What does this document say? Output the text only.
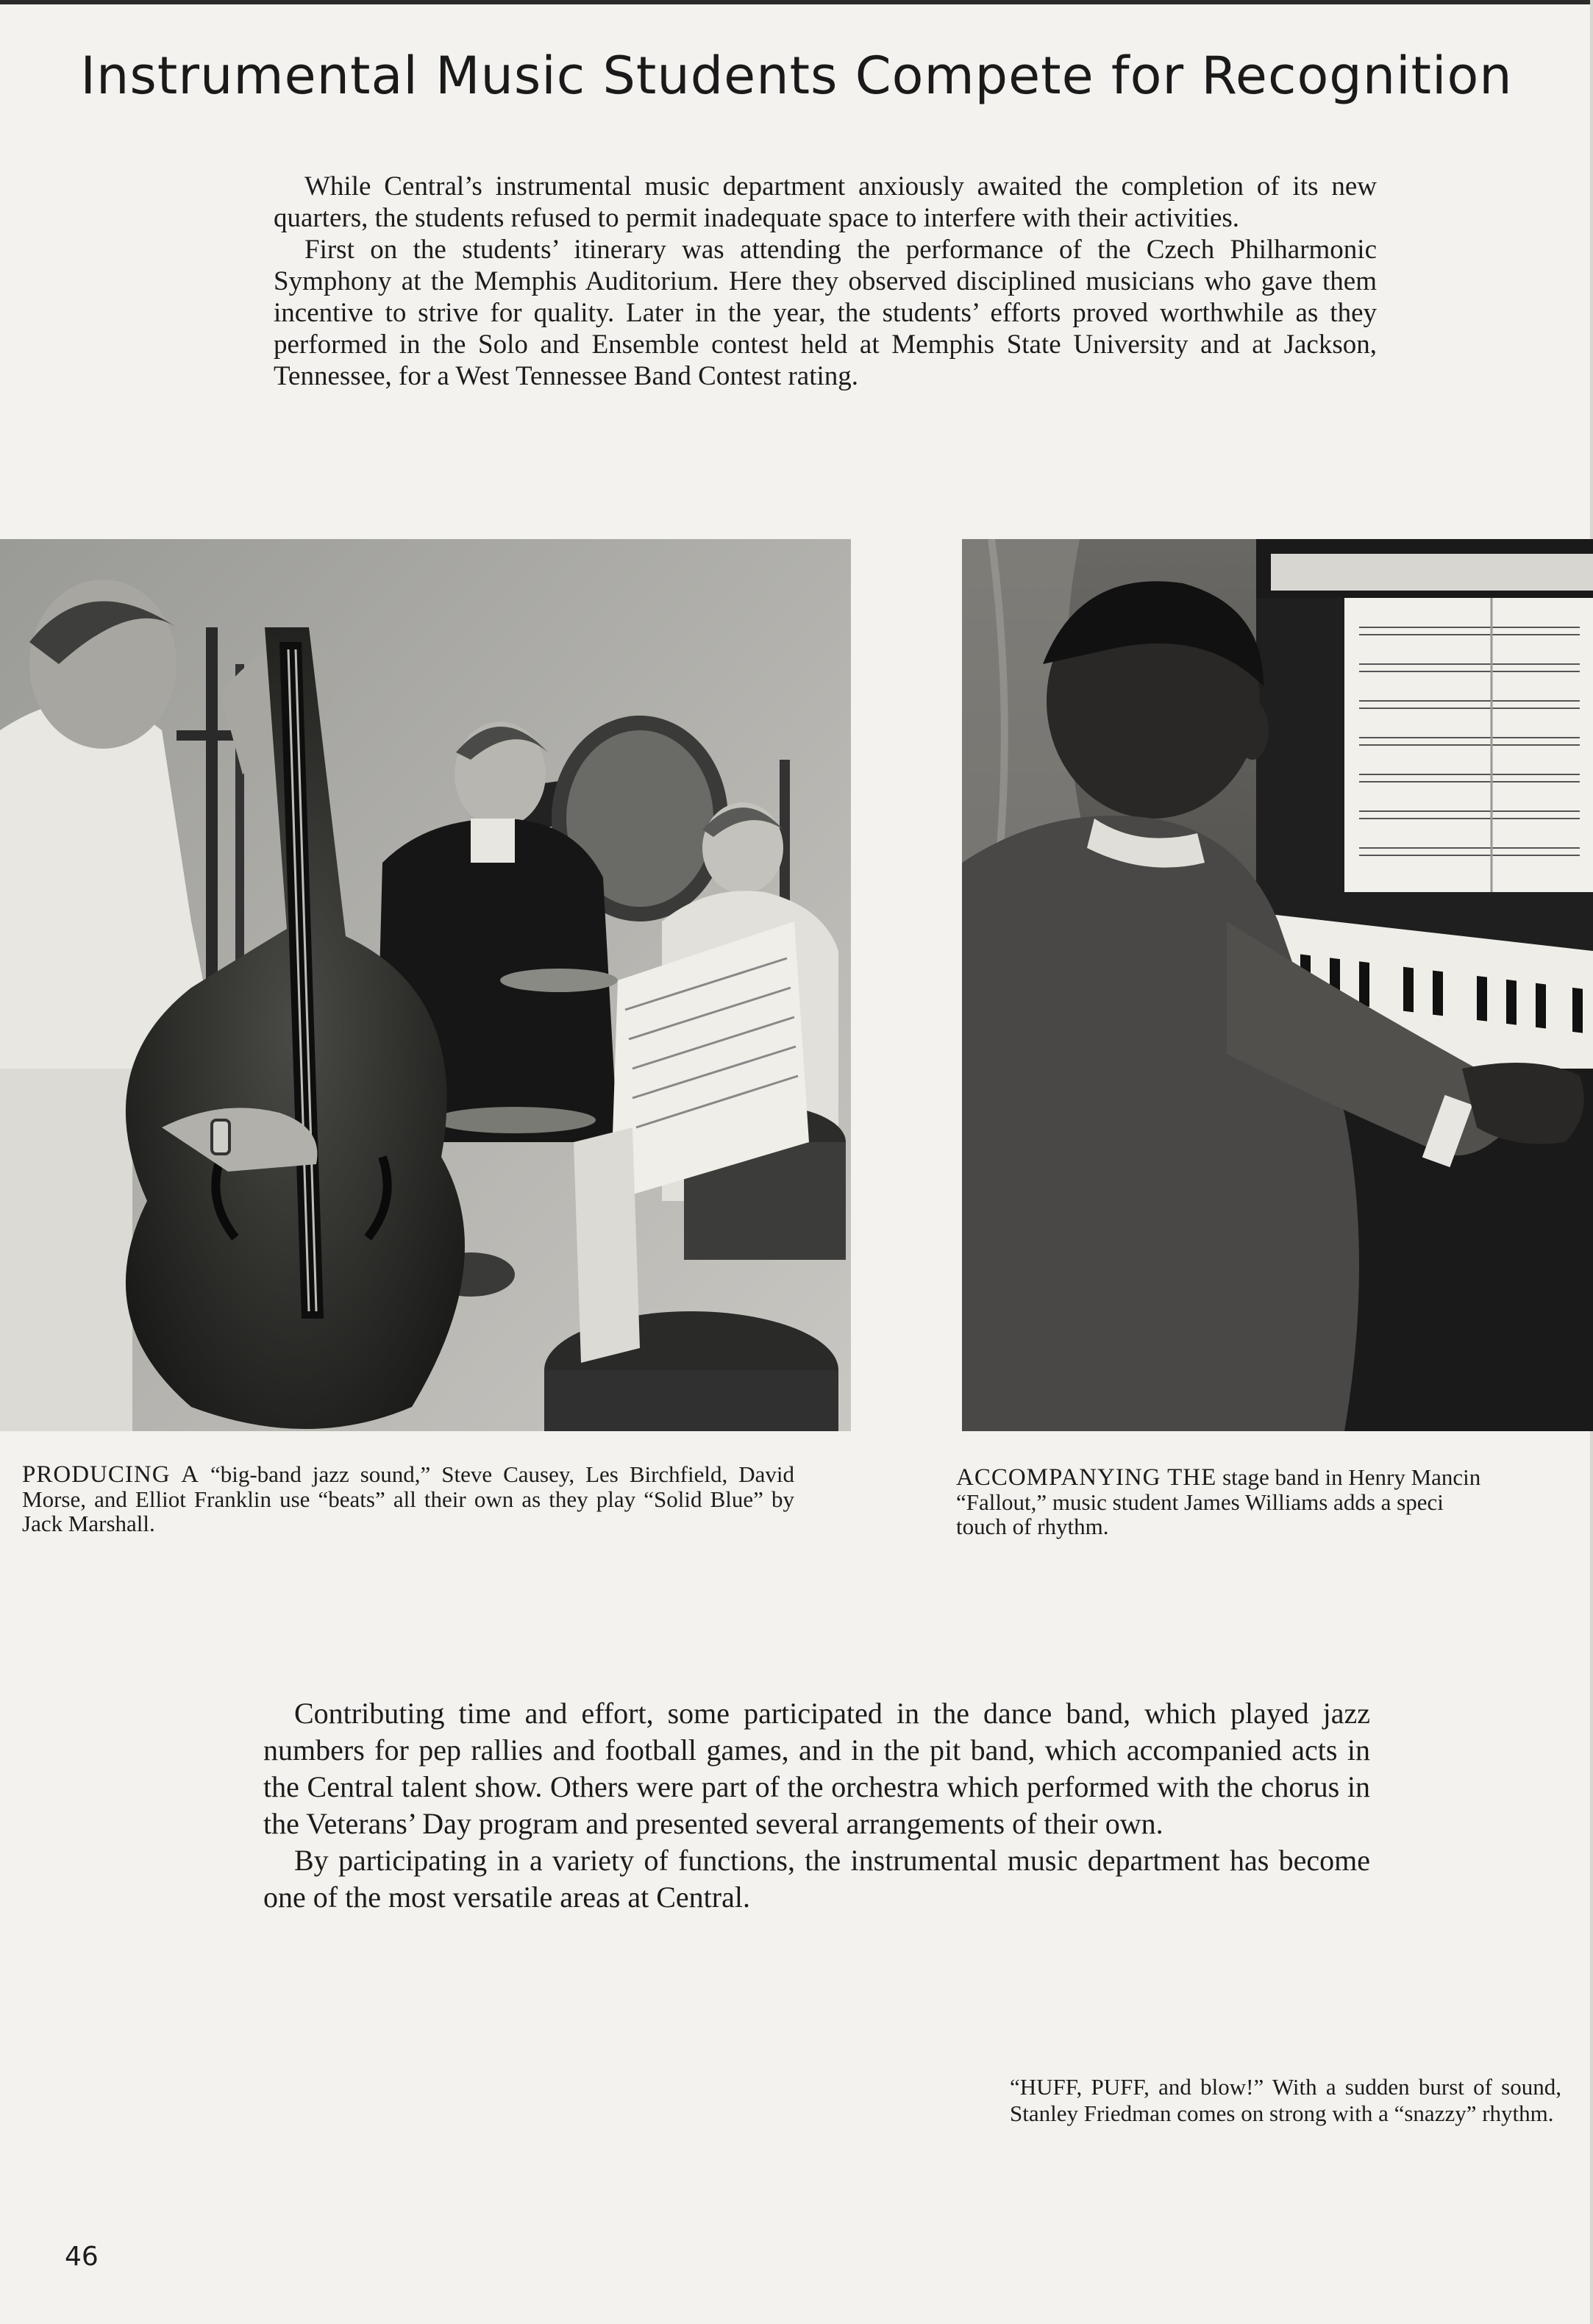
Instrumental Music Students Compete for Recognition

While Central’s instrumental music department anxiously awaited the completion of its new quarters, the students refused to permit inadequate space to interfere with their activities.

First on the students’ itinerary was attending the performance of the Czech Philharmonic Symphony at the Memphis Auditorium. Here they observed disciplined musicians who gave them incentive to strive for quality. Later in the year, the students’ efforts proved worthwhile as they performed in the Solo and Ensemble contest held at Memphis State University and at Jackson, Tennessee, for a West Tennessee Band Contest rating.

PRODUCING A “big-band jazz sound,” Steve Causey, Les Birchfield, David Morse, and Elliot Franklin use “beats” all their own as they play “Solid Blue” by Jack Marshall.

ACCOMPANYING THE stage band in Henry Mancin
“Fallout,” music student James Williams adds a speci
touch of rhythm.

Contributing time and effort, some participated in the dance band, which played jazz numbers for pep rallies and football games, and in the pit band, which accompanied acts in the Central talent show. Others were part of the orchestra which performed with the chorus in the Veterans’ Day program and presented several arrangements of their own.

By participating in a variety of functions, the instrumental music department has become one of the most versatile areas at Central.

“HUFF, PUFF, and blow!” With a sudden burst of sound, Stanley Friedman comes on strong with a “snazzy” rhythm.

46
